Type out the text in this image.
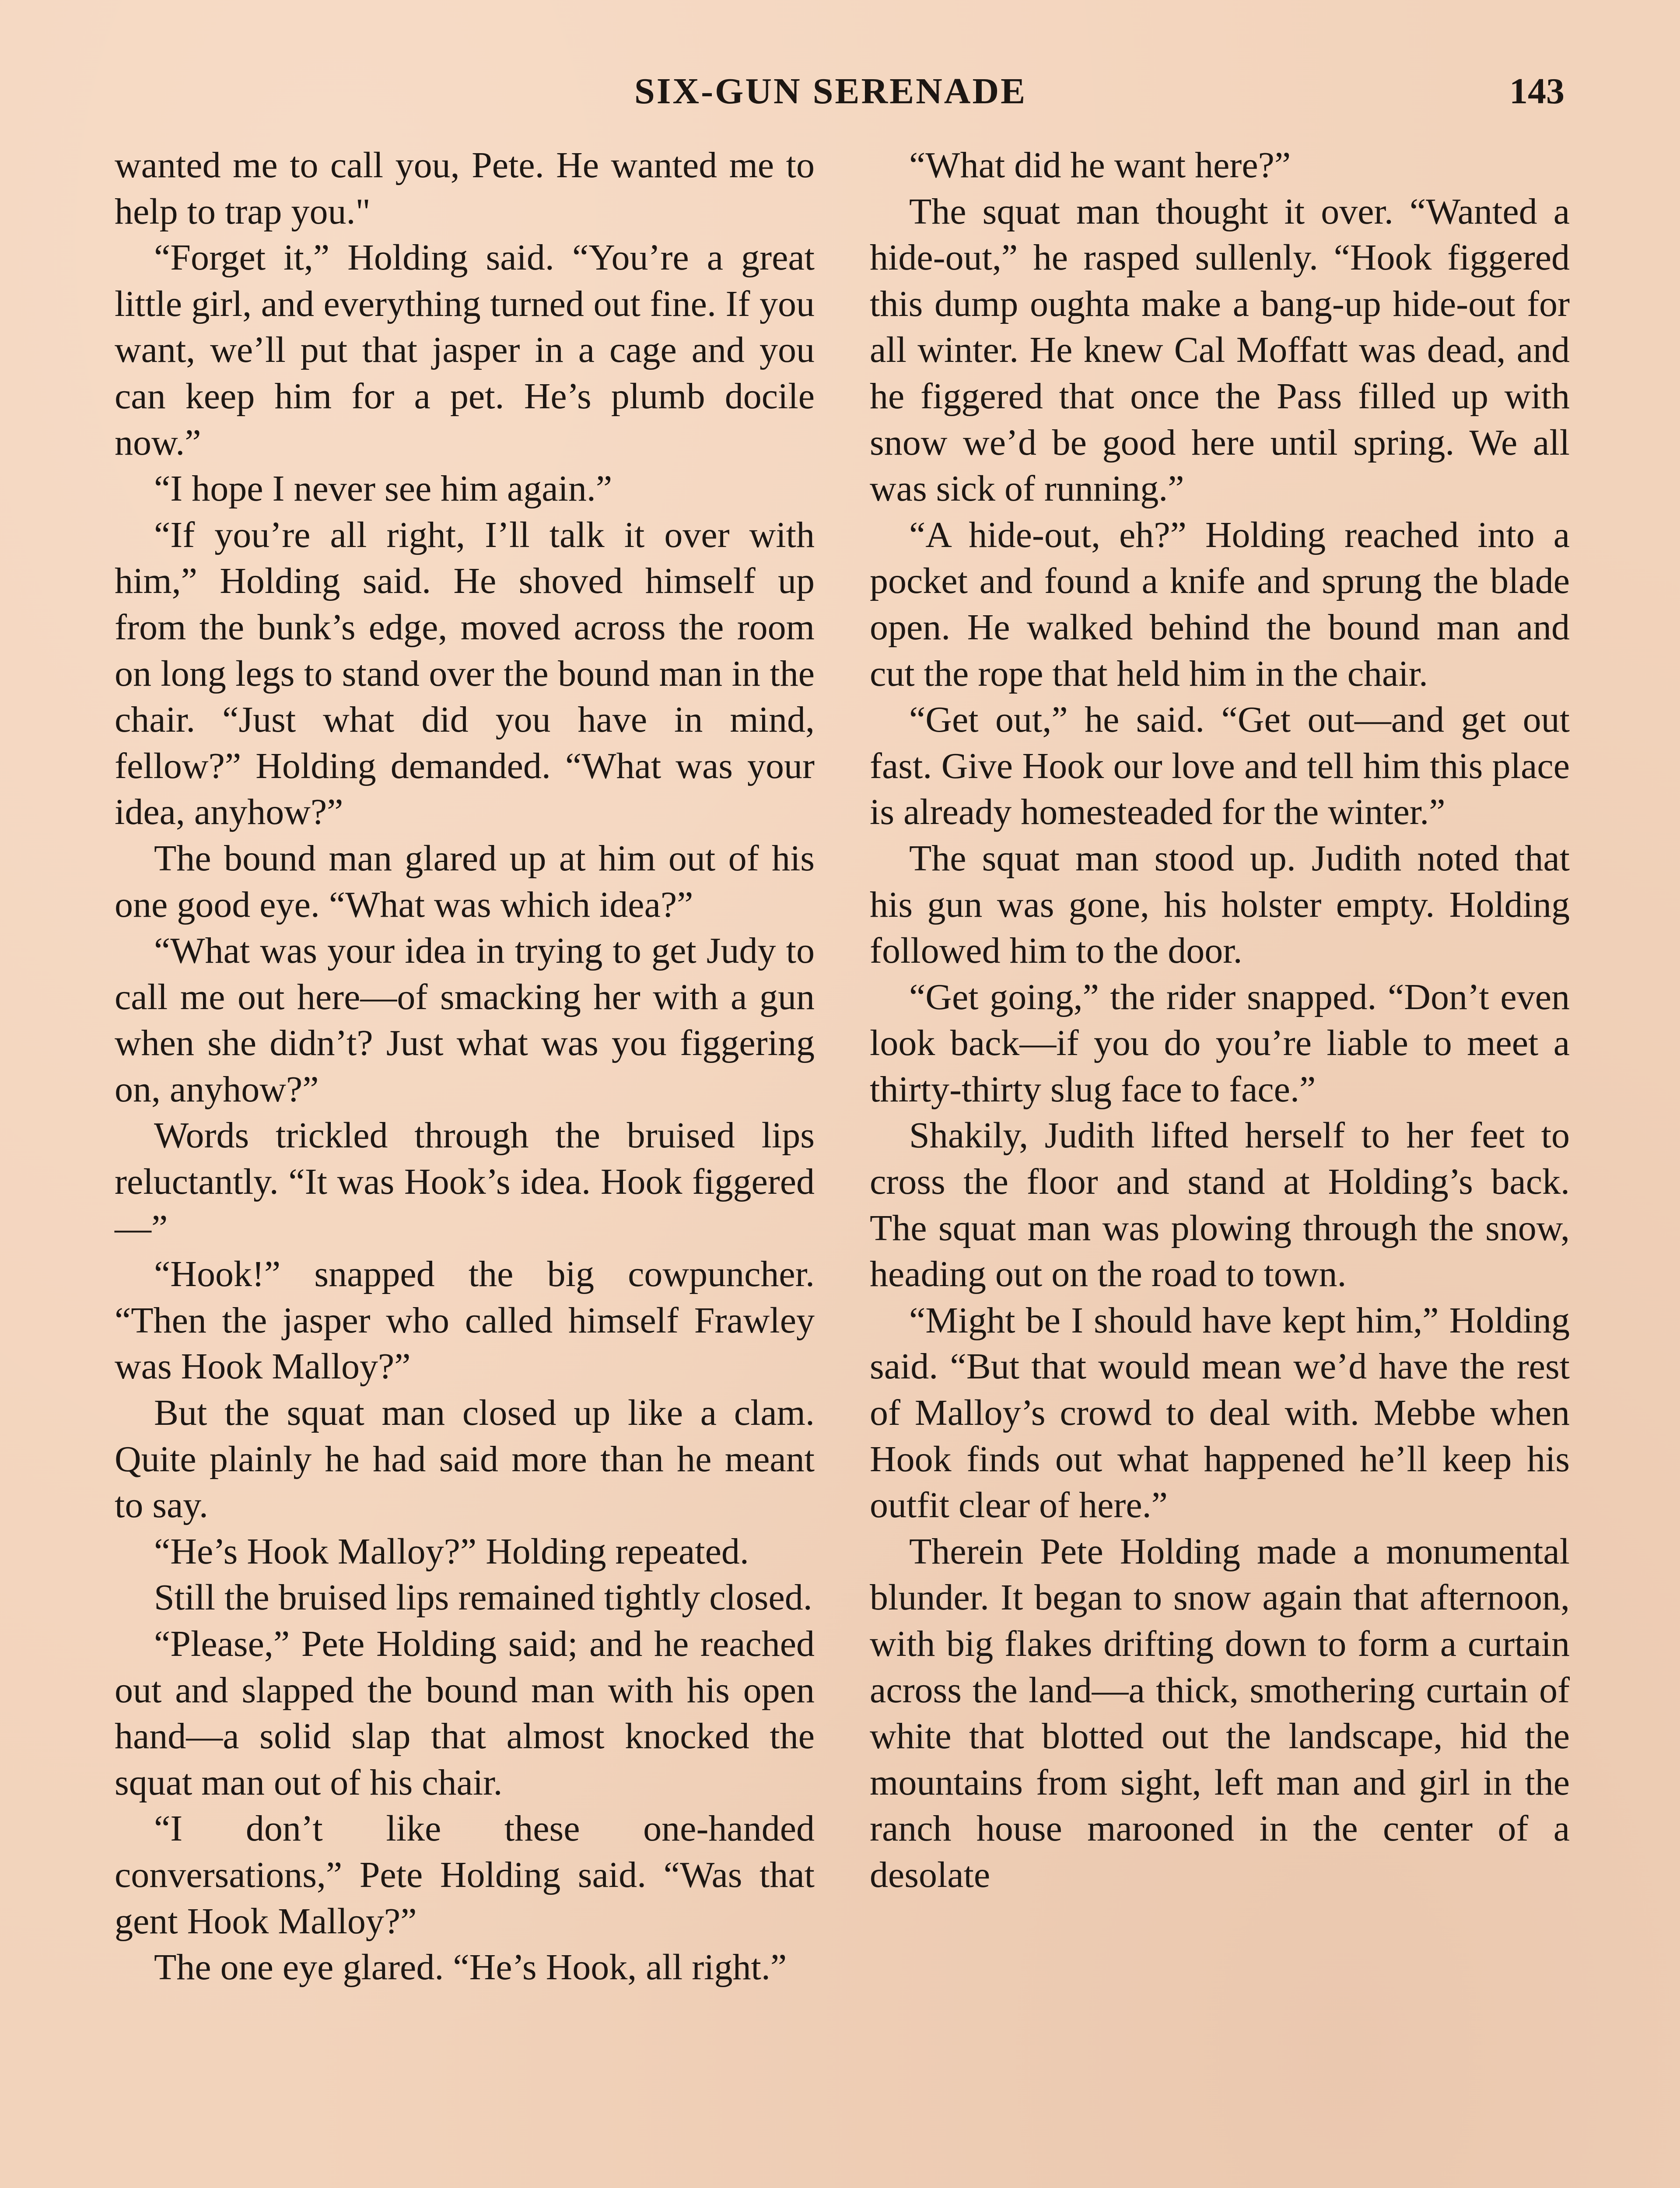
SIX-GUN SERENADE	143

wanted me to call you, Pete. He wanted me to help to trap you."

“Forget it,” Holding said. “You’re a great little girl, and everything turned out fine. If you want, we’ll put that jasper in a cage and you can keep him for a pet. He’s plumb docile now.”

“I hope I never see him again.”

“If you’re all right, I’ll talk it over with him,” Holding said. He shoved himself up from the bunk’s edge, moved across the room on long legs to stand over the bound man in the chair. “Just what did you have in mind, fellow?” Holding demanded. “What was your idea, anyhow?”

The bound man glared up at him out of his one good eye. “What was which idea?”

“What was your idea in trying to get Judy to call me out here—of smacking her with a gun when she didn’t? Just what was you figgering on, anyhow?”

Words trickled through the bruised lips reluctantly. “It was Hook’s idea. Hook figgered—”

“Hook!” snapped the big cowpuncher. “Then the jasper who called himself Frawley was Hook Malloy?”

But the squat man closed up like a clam. Quite plainly he had said more than he meant to say.

“He’s Hook Malloy?” Holding repeated.

Still the bruised lips remained tightly closed.

“Please,” Pete Holding said; and he reached out and slapped the bound man with his open hand—a solid slap that almost knocked the squat man out of his chair.

“I don’t like these one-handed conversations,” Pete Holding said. “Was that gent Hook Malloy?”

The one eye glared. “He’s Hook, all right.”

“What did he want here?”

The squat man thought it over. “Wanted a hide-out,” he rasped sullenly. “Hook figgered this dump oughta make a bang-up hide-out for all winter. He knew Cal Moffatt was dead, and he figgered that once the Pass filled up with snow we’d be good here until spring. We all was sick of running.”

“A hide-out, eh?” Holding reached into a pocket and found a knife and sprung the blade open. He walked behind the bound man and cut the rope that held him in the chair.

“Get out,” he said. “Get out—and get out fast. Give Hook our love and tell him this place is already homesteaded for the winter.”

The squat man stood up. Judith noted that his gun was gone, his holster empty. Holding followed him to the door.

“Get going,” the rider snapped. “Don’t even look back—if you do you’re liable to meet a thirty-thirty slug face to face.”

Shakily, Judith lifted herself to her feet to cross the floor and stand at Holding’s back. The squat man was plowing through the snow, heading out on the road to town.

“Might be I should have kept him,” Holding said. “But that would mean we’d have the rest of Malloy’s crowd to deal with. Mebbe when Hook finds out what happened he’ll keep his outfit clear of here.”

Therein Pete Holding made a monumental blunder. It began to snow again that afternoon, with big flakes drifting down to form a curtain across the land—a thick, smothering curtain of white that blotted out the landscape, hid the mountains from sight, left man and girl in the ranch house marooned in the center of a desolate
